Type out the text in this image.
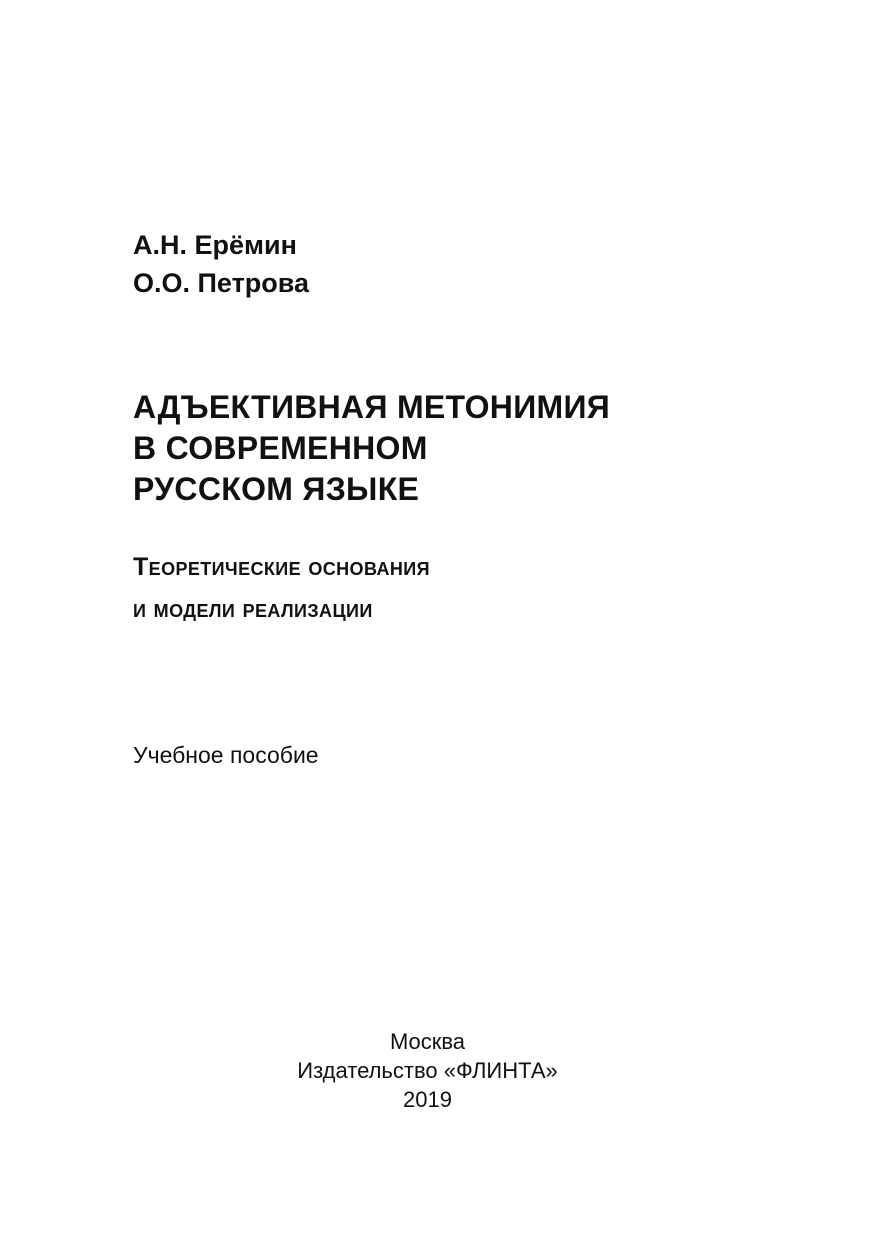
А.Н. Ерёмин
О.О. Петрова
АДЪЕКТИВНАЯ МЕТОНИМИЯ
В СОВРЕМЕННОМ
РУССКОМ ЯЗЫКЕ
Теоретические основания
и модели реализации
Учебное пособие
Москва
Издательство «ФЛИНТА»
2019
